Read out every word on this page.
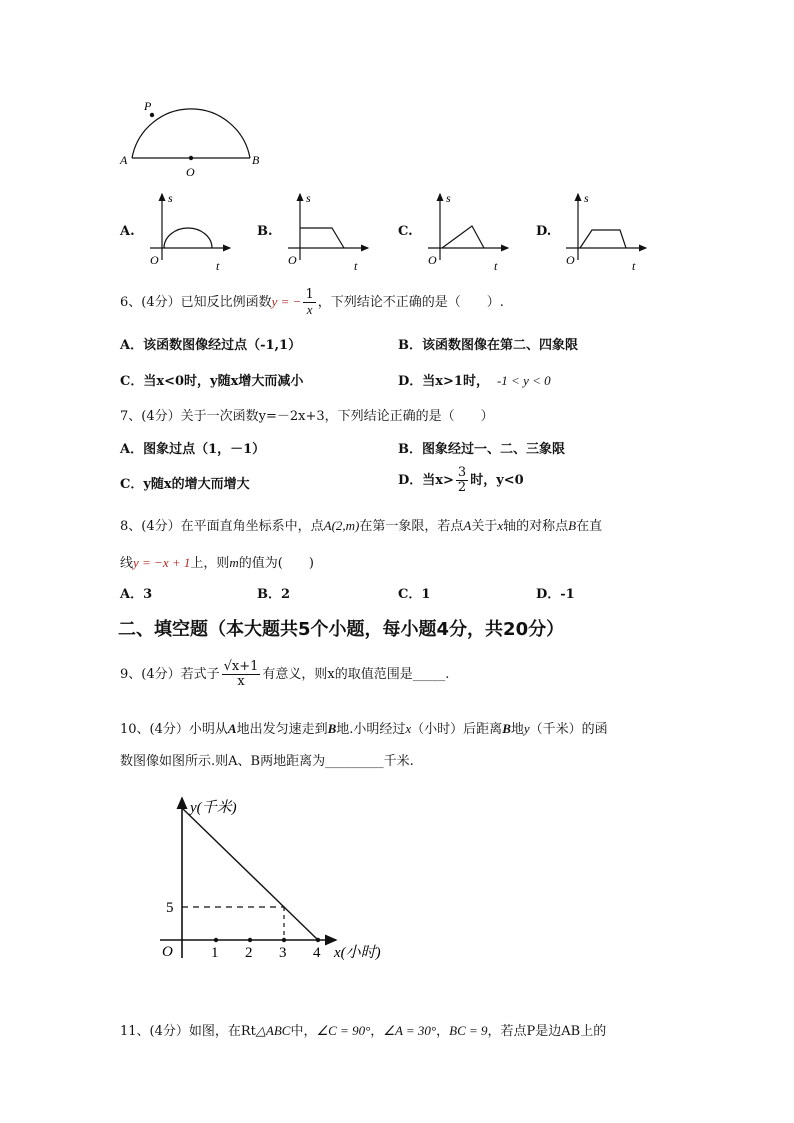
P
A
O
B
A.
s
O	t
B.
s
O	t
C.
s
O	t
D.
s
O	t
6、(4分）已知反比例函数y = − $\frac{1}{x}$ ，下列结论不正确的是（　　）.
A．该函数图像经过点（-1,1）	B．该函数图像在第二、四象限
C．当x<0时，y随x增大而减小	D．当x>1时， -1 < y < 0
7、(4分）关于一次函数y=－2x+3，下列结论正确的是（　　）
A．图象过点（1，－1）	B．图象经过一、二、三象限
C．y随x的增大而增大	D．当$x> \frac{3}{2}$ 时，y<0
8、(4分）在平面直角坐标系中，点A(2,m)在第一象限，若点A关于x轴的对称点B在直
线y = −x + 1上，则m的值为(　　)
A．3	B．2	C．1	D．-1
二、填空题（本大题共5个小题，每小题4分，共20分）
9、(4分）若式子 $\frac{√x+1}{x}$ 有意义，则x的取值范围是_____.
10、(4分）小明从A地出发匀速走到B地.小明经过x（小时）后距离B地y（千米）的函
数图像如图所示.则A、B两地距离为_________千米.
y(千米)
x(小时)
O	1 2 3 4
5
11、(4分）如图，在Rt△ABC中，∠C = 90°，∠A = 30°，BC = 9，若点P是边AB上的
